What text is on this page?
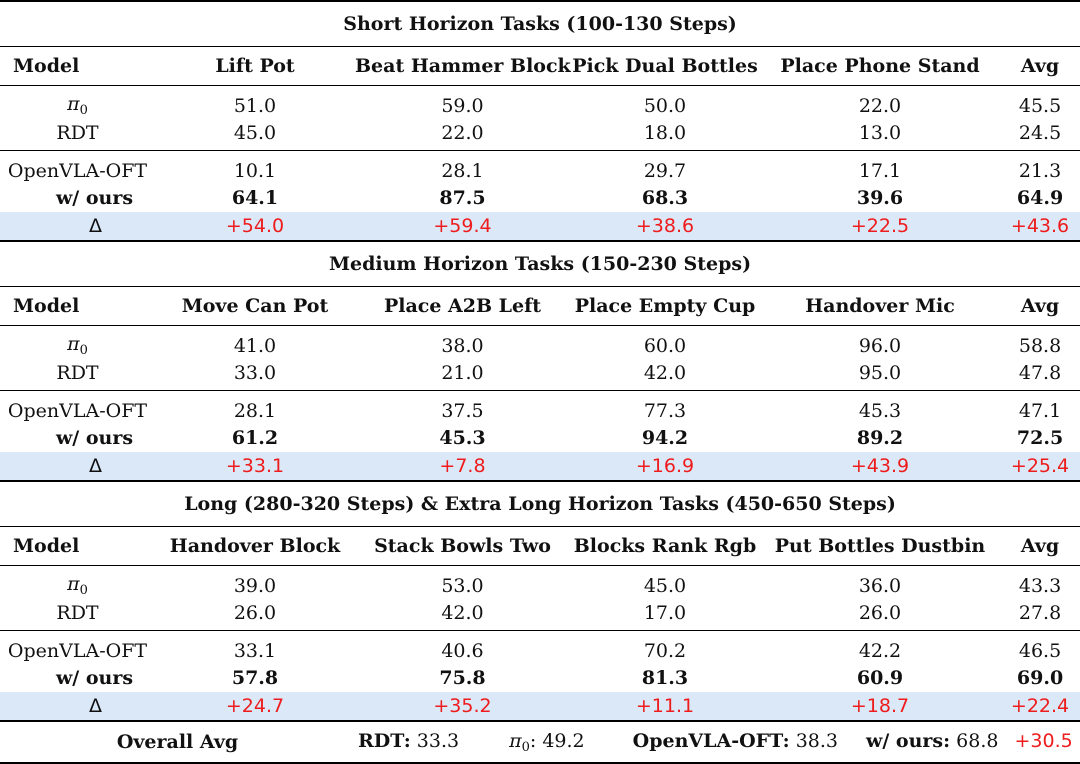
Short Horizon Tasks (100-130 Steps)					
Model	Lift Pot	Beat Hammer Block	Pick Dual Bottles	Place Phone Stand	Avg
$\pi_0$	51.0	59.0	50.0	22.0	45.5
RDT	45.0	22.0	18.0	13.0	24.5
OpenVLA-OFT	10.1	28.1	29.7	17.1	21.3
w/ ours	64.1	87.5	68.3	39.6	64.9
Δ	+54.0	+59.4	+38.6	+22.5	+43.6
Medium Horizon Tasks (150-230 Steps)					
Model	Move Can Pot	Place A2B Left	Place Empty Cup	Handover Mic	Avg
$\pi_0$	41.0	38.0	60.0	96.0	58.8
RDT	33.0	21.0	42.0	95.0	47.8
OpenVLA-OFT	28.1	37.5	77.3	45.3	47.1
w/ ours	61.2	45.3	94.2	89.2	72.5
Δ	+33.1	+7.8	+16.9	+43.9	+25.4
Long (280-320 Steps) & Extra Long Horizon Tasks (450-650 Steps)					
Model	Handover Block	Stack Bowls Two	Blocks Rank Rgb	Put Bottles Dustbin	Avg
$\pi_0$	39.0	53.0	45.0	36.0	43.3
RDT	26.0	42.0	17.0	26.0	27.8
OpenVLA-OFT	33.1	40.6	70.2	42.2	46.5
w/ ours	57.8	75.8	81.3	60.9	69.0
Δ	+24.7	+35.2	+11.1	+18.7	+22.4
Overall Avg		RDT: 33.3 $\pi_0$: 49.2 OpenVLA-OFT: 38.3 w/ ours: 68.8 +30.5			
